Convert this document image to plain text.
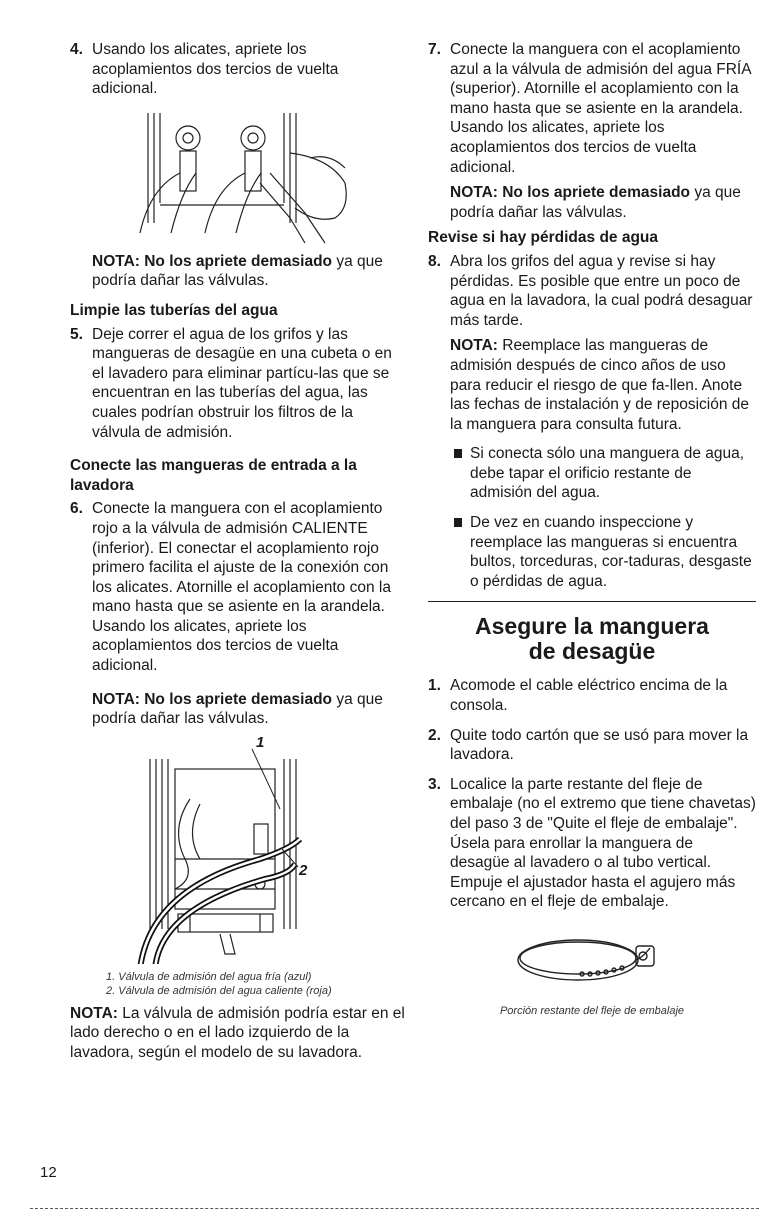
4. Usando los alicates, apriete los acoplamientos dos tercios de vuelta adicional.
NOTA: No los apriete demasiado ya que podría dañar las válvulas.
Limpie las tuberías del agua
5. Deje correr el agua de los grifos y las mangueras de desagüe en una cubeta o en el lavadero para eliminar partícu-las que se encuentran en las tuberías del agua, las cuales podrían obstruir los filtros de la válvula de admisión.
Conecte las mangueras de entrada a la lavadora
6. Conecte la manguera con el acoplamiento rojo a la válvula de admisión CALIENTE (inferior). El conectar el acoplamiento rojo primero facilita el ajuste de la conexión con los alicates. Atornille el acoplamiento con la mano hasta que se asiente en la arandela. Usando los alicates, apriete los acoplamientos dos tercios de vuelta adicional.
NOTA: No los apriete demasiado ya que podría dañar las válvulas.
1
2
1. Válvula de admisión del agua fría (azul)
2. Válvula de admisión del agua caliente (roja)
NOTA: La válvula de admisión podría estar en el lado derecho o en el lado izquierdo de la lavadora, según el modelo de su lavadora.
7. Conecte la manguera con el acoplamiento azul a la válvula de admisión del agua FRÍA (superior). Atornille el acoplamiento con la mano hasta que se asiente en la arandela. Usando los alicates, apriete los acoplamientos dos tercios de vuelta adicional.
NOTA: No los apriete demasiado ya que podría dañar las válvulas.
Revise si hay pérdidas de agua
8. Abra los grifos del agua y revise si hay pérdidas. Es posible que entre un poco de agua en la lavadora, la cual podrá desaguar más tarde.
NOTA: Reemplace las mangueras de admisión después de cinco años de uso para reducir el riesgo de que fa-llen. Anote las fechas de instalación y de reposición de la manguera para consulta futura.
Si conecta sólo una manguera de agua, debe tapar el orificio restante de admisión del agua.
De vez en cuando inspeccione y reemplace las mangueras si encuentra bultos, torceduras, cor-taduras, desgaste o pérdidas de agua.
Asegure la manguera
de desagüe
1. Acomode el cable eléctrico encima de la consola.
2. Quite todo cartón que se usó para mover la lavadora.
3. Localice la parte restante del fleje de embalaje (no el extremo que tiene chavetas) del paso 3 de "Quite el fleje de embalaje". Úsela para enrollar la manguera de desagüe al lavadero o al tubo vertical. Empuje el ajustador hasta el agujero más cercano en el fleje de embalaje.
Porción restante del fleje de embalaje
12
